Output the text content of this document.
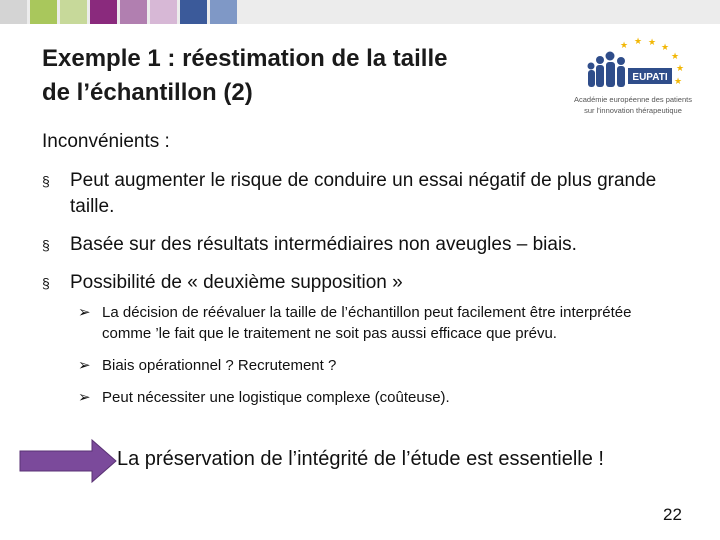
Exemple 1 : réestimation de la taille de l’échantillon (2)
★ ★ ★ ★
★
★
★
EUPATI
Académie européenne des patients
sur l'innovation thérapeutique
Inconvénients :
§ Peut augmenter le risque de conduire un essai négatif de plus grande taille.
§ Basée sur des résultats intermédiaires non aveugles – biais.
§ Possibilité de « deuxième supposition »
➢ La décision de réévaluer la taille de l’échantillon peut facilement être interprétée comme ’le fait que le traitement ne soit pas aussi efficace que prévu.
➢ Biais opérationnel ? Recrutement ?
➢ Peut nécessiter une logistique complexe (coûteuse).
La préservation de l’intégrité de l’étude est essentielle !
22
